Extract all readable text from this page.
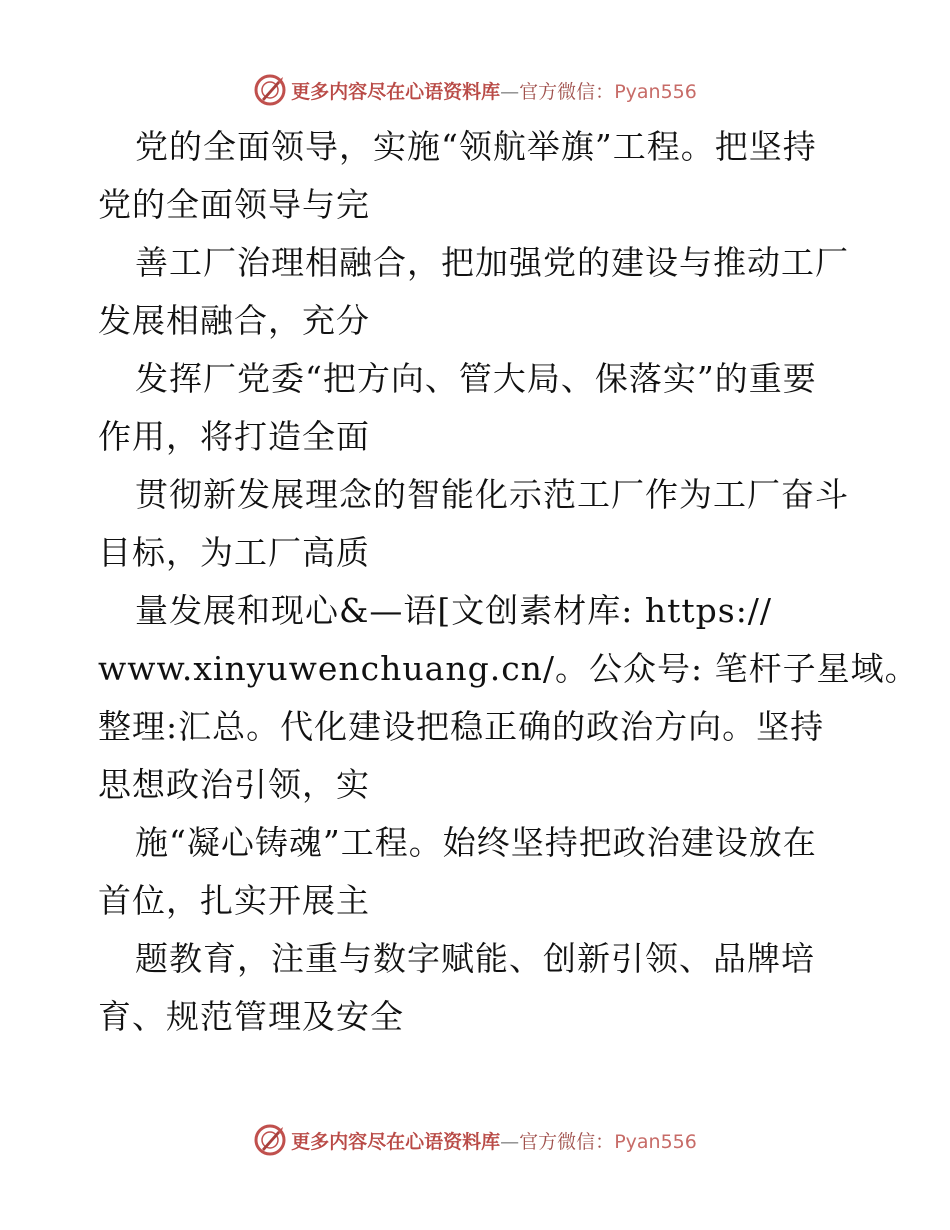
更多内容尽在心语资料库—官方微信：Pyan556
党的全面领导，实施“领航举旗”工程。把坚持
党的全面领导与完
善工厂治理相融合，把加强党的建设与推动工厂
发展相融合，充分
发挥厂党委“把方向、管大局、保落实”的重要
作用，将打造全面
贯彻新发展理念的智能化示范工厂作为工厂奋斗
目标，为工厂高质
量发展和现心&—语[文创素材库: https://
www.xinyuwenchuang.cn/。公众号: 笔杆子星域。
整理:汇总。代化建设把稳正确的政治方向。坚持
思想政治引领，实
施“凝心铸魂”工程。始终坚持把政治建设放在
首位，扎实开展主
题教育，注重与数字赋能、创新引领、品牌培
育、规范管理及安全
更多内容尽在心语资料库—官方微信：Pyan556
